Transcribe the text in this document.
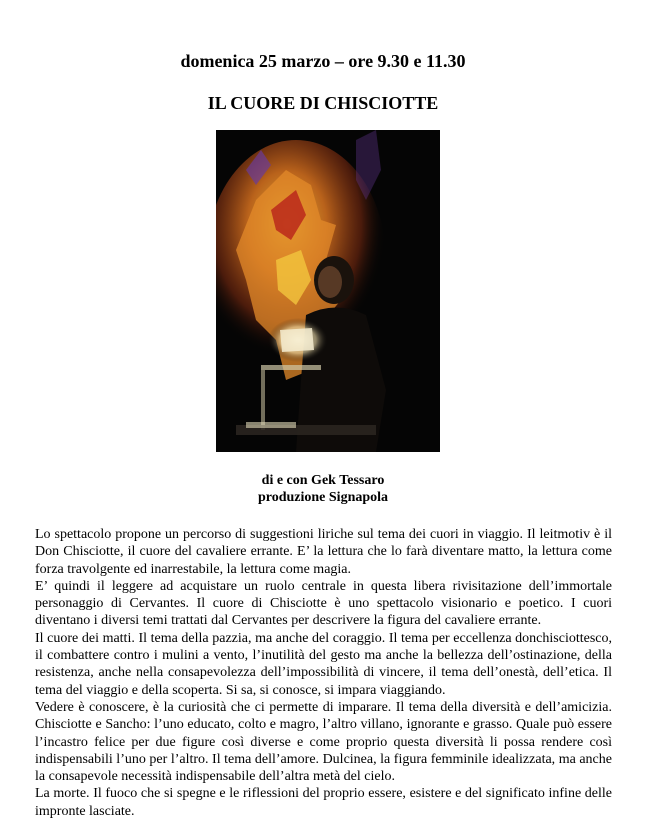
domenica 25 marzo – ore 9.30 e 11.30
IL CUORE DI CHISCIOTTE
di e con Gek Tessaro
produzione Signapola

Lo spettacolo propone un percorso di suggestioni liriche sul tema dei cuori in viaggio. Il leitmotiv è il Don Chisciotte, il cuore del cavaliere errante. E’ la lettura che lo farà diventare matto, la lettura come forza travolgente ed inarrestabile, la lettura come magia.

E’ quindi il leggere ad acquistare un ruolo centrale in questa libera rivisitazione dell’immortale personaggio di Cervantes. Il cuore di Chisciotte è uno spettacolo visionario e poetico. I cuori diventano i diversi temi trattati dal Cervantes per descrivere la figura del cavaliere errante.

Il cuore dei matti. Il tema della pazzia, ma anche del coraggio. Il tema per eccellenza donchisciottesco, il combattere contro i mulini a vento, l’inutilità del gesto ma anche la bellezza dell’ostinazione, della resistenza, anche nella consapevolezza dell’impossibilità di vincere, il tema dell’onestà, dell’etica. Il tema del viaggio e della scoperta. Si sa, si conosce, si impara viaggiando.

Vedere è conoscere, è la curiosità che ci permette di imparare. Il tema della diversità e dell’amicizia. Chisciotte e Sancho: l’uno educato, colto e magro, l’altro villano, ignorante e grasso. Quale può essere l’incastro felice per due figure così diverse e come proprio questa diversità li possa rendere così indispensabili l’uno per l’altro. Il tema dell’amore. Dulcinea, la figura femminile idealizzata, ma anche la consapevole necessità indispensabile dell’altra metà del cielo.

La morte. Il fuoco che si spegne e le riflessioni del proprio essere, esistere e del significato infine delle impronte lasciate.
